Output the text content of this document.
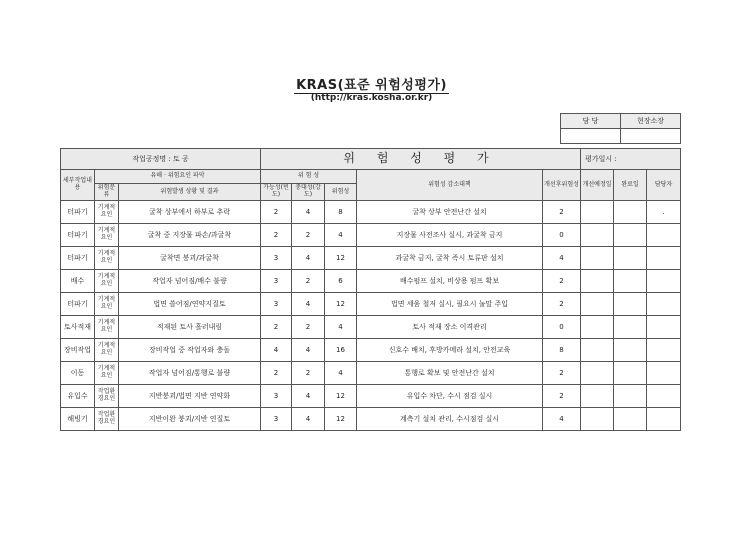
KRAS(표준 위험성평가)
(http://kras.kosha.or.kr)
담 당	현장소장

작업공정명 : 토 공			위 험 성 평 가					평가일시 :		
세부작업내용	유해 · 위험요인 파악		위 험 성			위험성 감소대책	개선후위험성	개선예정일	완료일	담당자
	위험분류	위험발생 상황 및 결과	가능성(빈도)	중대성(강도)	위험성					
터파기	기계적 요인	굴착 상부에서 하부로 추락	2	4	8	굴착 상부 안전난간 설치	2			.
터파기	기계적 요인	굴착 중 지장물 파손/과굴착	2	2	4	지장물 사전조사 실시, 과굴착 금지	0			
터파기	기계적 요인	굴착면 붕괴/과굴착	3	4	12	과굴착 금지, 굴착 즉시 토류판 설치	4			
배수	기계적 요인	작업자 넘어짐/배수 불량	3	2	6	배수펌프 설치, 비상용 펌프 확보	2			
터파기	기계적 요인	법면 쓸어짐/연약지질토	3	4	12	법면 세움 철저 실시, 필요시 눌말 주입	2			
토사적재	기계적 요인	적재된 토사 흘러내림	2	2	4	토사 적재 장소 이격관리	0			
장비작업	기계적 요인	장비작업 중 작업자와 충돌	4	4	16	신호수 배치, 후방카메라 설치, 안전교육	8			
이동	기계적 요인	작업자 넘어짐/통행로 불량	2	2	4	통행로 확보 및 안전난간 설치	2			
유입수	작업환경요인	지반붕괴/법면 지반 연약화	3	4	12	유입수 차단, 수시 점검 실시	2			
해빙기	작업환경요인	지반이완 붕괴/지반 연질토	3	4	12	계측기 설치 관리, 수시점검 실시	4			
